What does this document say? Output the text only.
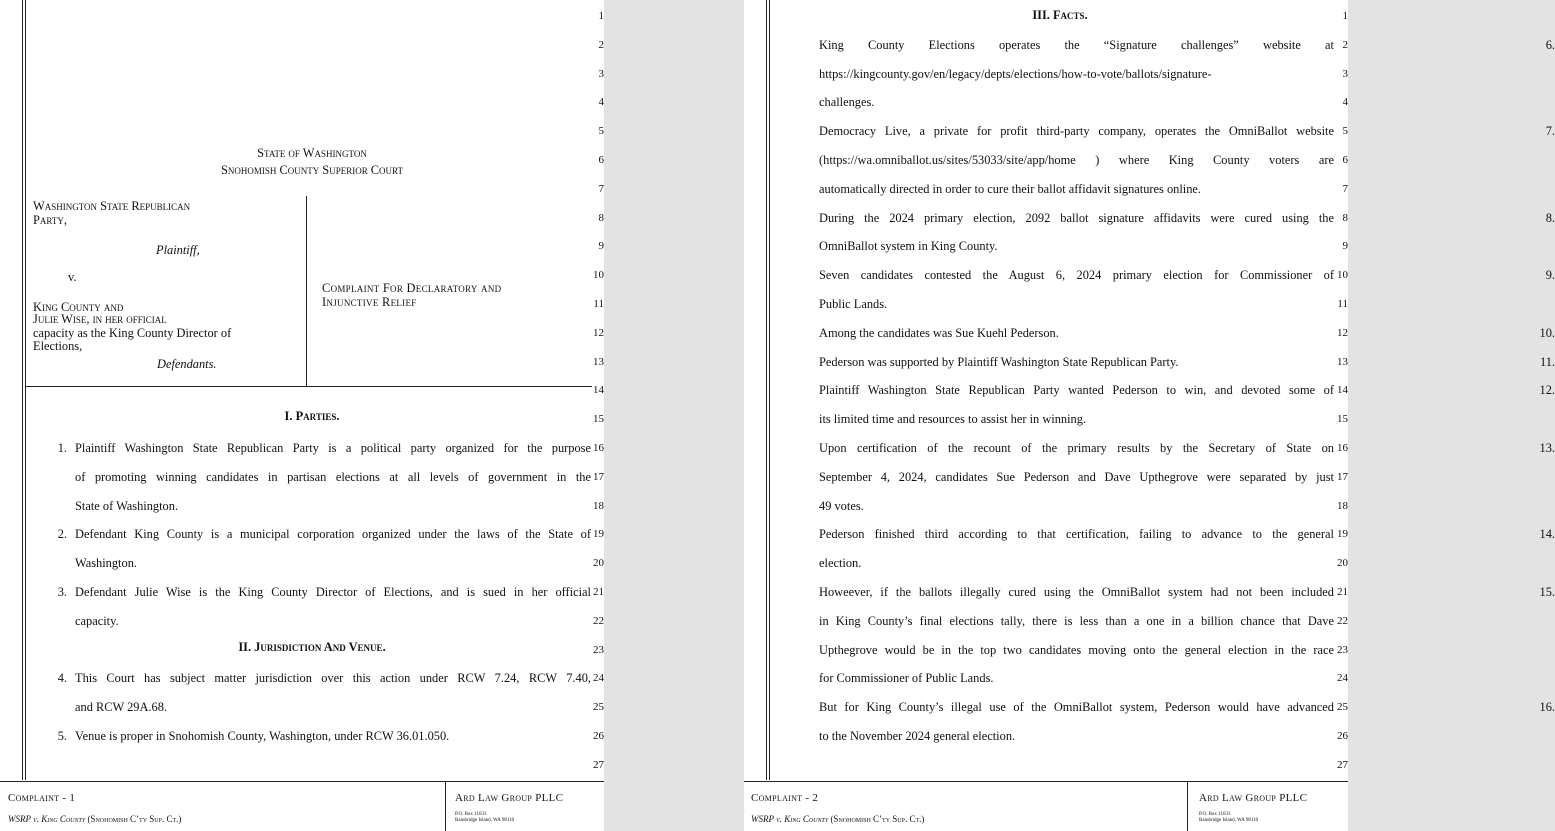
1
2
3
4
5
6
7
8
9
10
11
12
13
14
15
16
17
18
19
20
21
22
23
24
25
26
27
State of Washington
Snohomish County Superior Court
Washington State Republican
Party,
Plaintiff,
v.
King County and
Julie Wise, in her official
capacity as the King County Director of
Elections,
Defendants.
Complaint For Declaratory and
Injunctive Relief
I. Parties.
II. Jurisdiction And Venue.
1. Plaintiff Washington State Republican Party is a political party organized for the purpose
of promoting winning candidates in partisan elections at all levels of government in the
State of Washington.
2. Defendant King County is a municipal corporation organized under the laws of the State of
Washington.
3. Defendant Julie Wise is the King County Director of Elections, and is sued in her official
capacity.
4. This Court has subject matter jurisdiction over this action under RCW 7.24, RCW 7.40,
and RCW 29A.68.
5. Venue is proper in Snohomish County, Washington, under RCW 36.01.050.
Complaint - 1
WSRP v. King County (Snohomish C’ty Sup. Ct.)
Ard Law Group PLLC
P.O. Box 11633
Bainbridge Island, WA 98110
1
2
3
4
5
6
7
8
9
10
11
12
13
14
15
16
17
18
19
20
21
22
23
24
25
26
27
III. Facts.
6.
King County Elections operates the “Signature challenges” website at
https://kingcounty.gov/en/legacy/depts/elections/how-to-vote/ballots/signature-
challenges.
7.
Democracy Live, a private for profit third-party company, operates the OmniBallot website
(https://wa.omniballot.us/sites/53033/site/app/home ) where King County voters are
automatically directed in order to cure their ballot affidavit signatures online.
8.
During the 2024 primary election, 2092 ballot signature affidavits were cured using the
OmniBallot system in King County.
9.
Seven candidates contested the August 6, 2024 primary election for Commissioner of
Public Lands.
10.
Among the candidates was Sue Kuehl Pederson.
11.
Pederson was supported by Plaintiff Washington State Republican Party.
12.
Plaintiff Washington State Republican Party wanted Pederson to win, and devoted some of
its limited time and resources to assist her in winning.
13.
Upon certification of the recount of the primary results by the Secretary of State on
September 4, 2024, candidates Sue Pederson and Dave Upthegrove were separated by just
49 votes.
14.
Pederson finished third according to that certification, failing to advance to the general
election.
15.
Howeever, if the ballots illegally cured using the OmniBallot system had not been included
in King County’s final elections tally, there is less than a one in a billion chance that Dave
Upthegrove would be in the top two candidates moving onto the general election in the race
for Commissioner of Public Lands.
16.
But for King County’s illegal use of the OmniBallot system, Pederson would have advanced
to the November 2024 general election.
Complaint - 2
WSRP v. King County (Snohomish C’ty Sup. Ct.)
Ard Law Group PLLC
P.O. Box 11633
Bainbridge Island, WA 98110
